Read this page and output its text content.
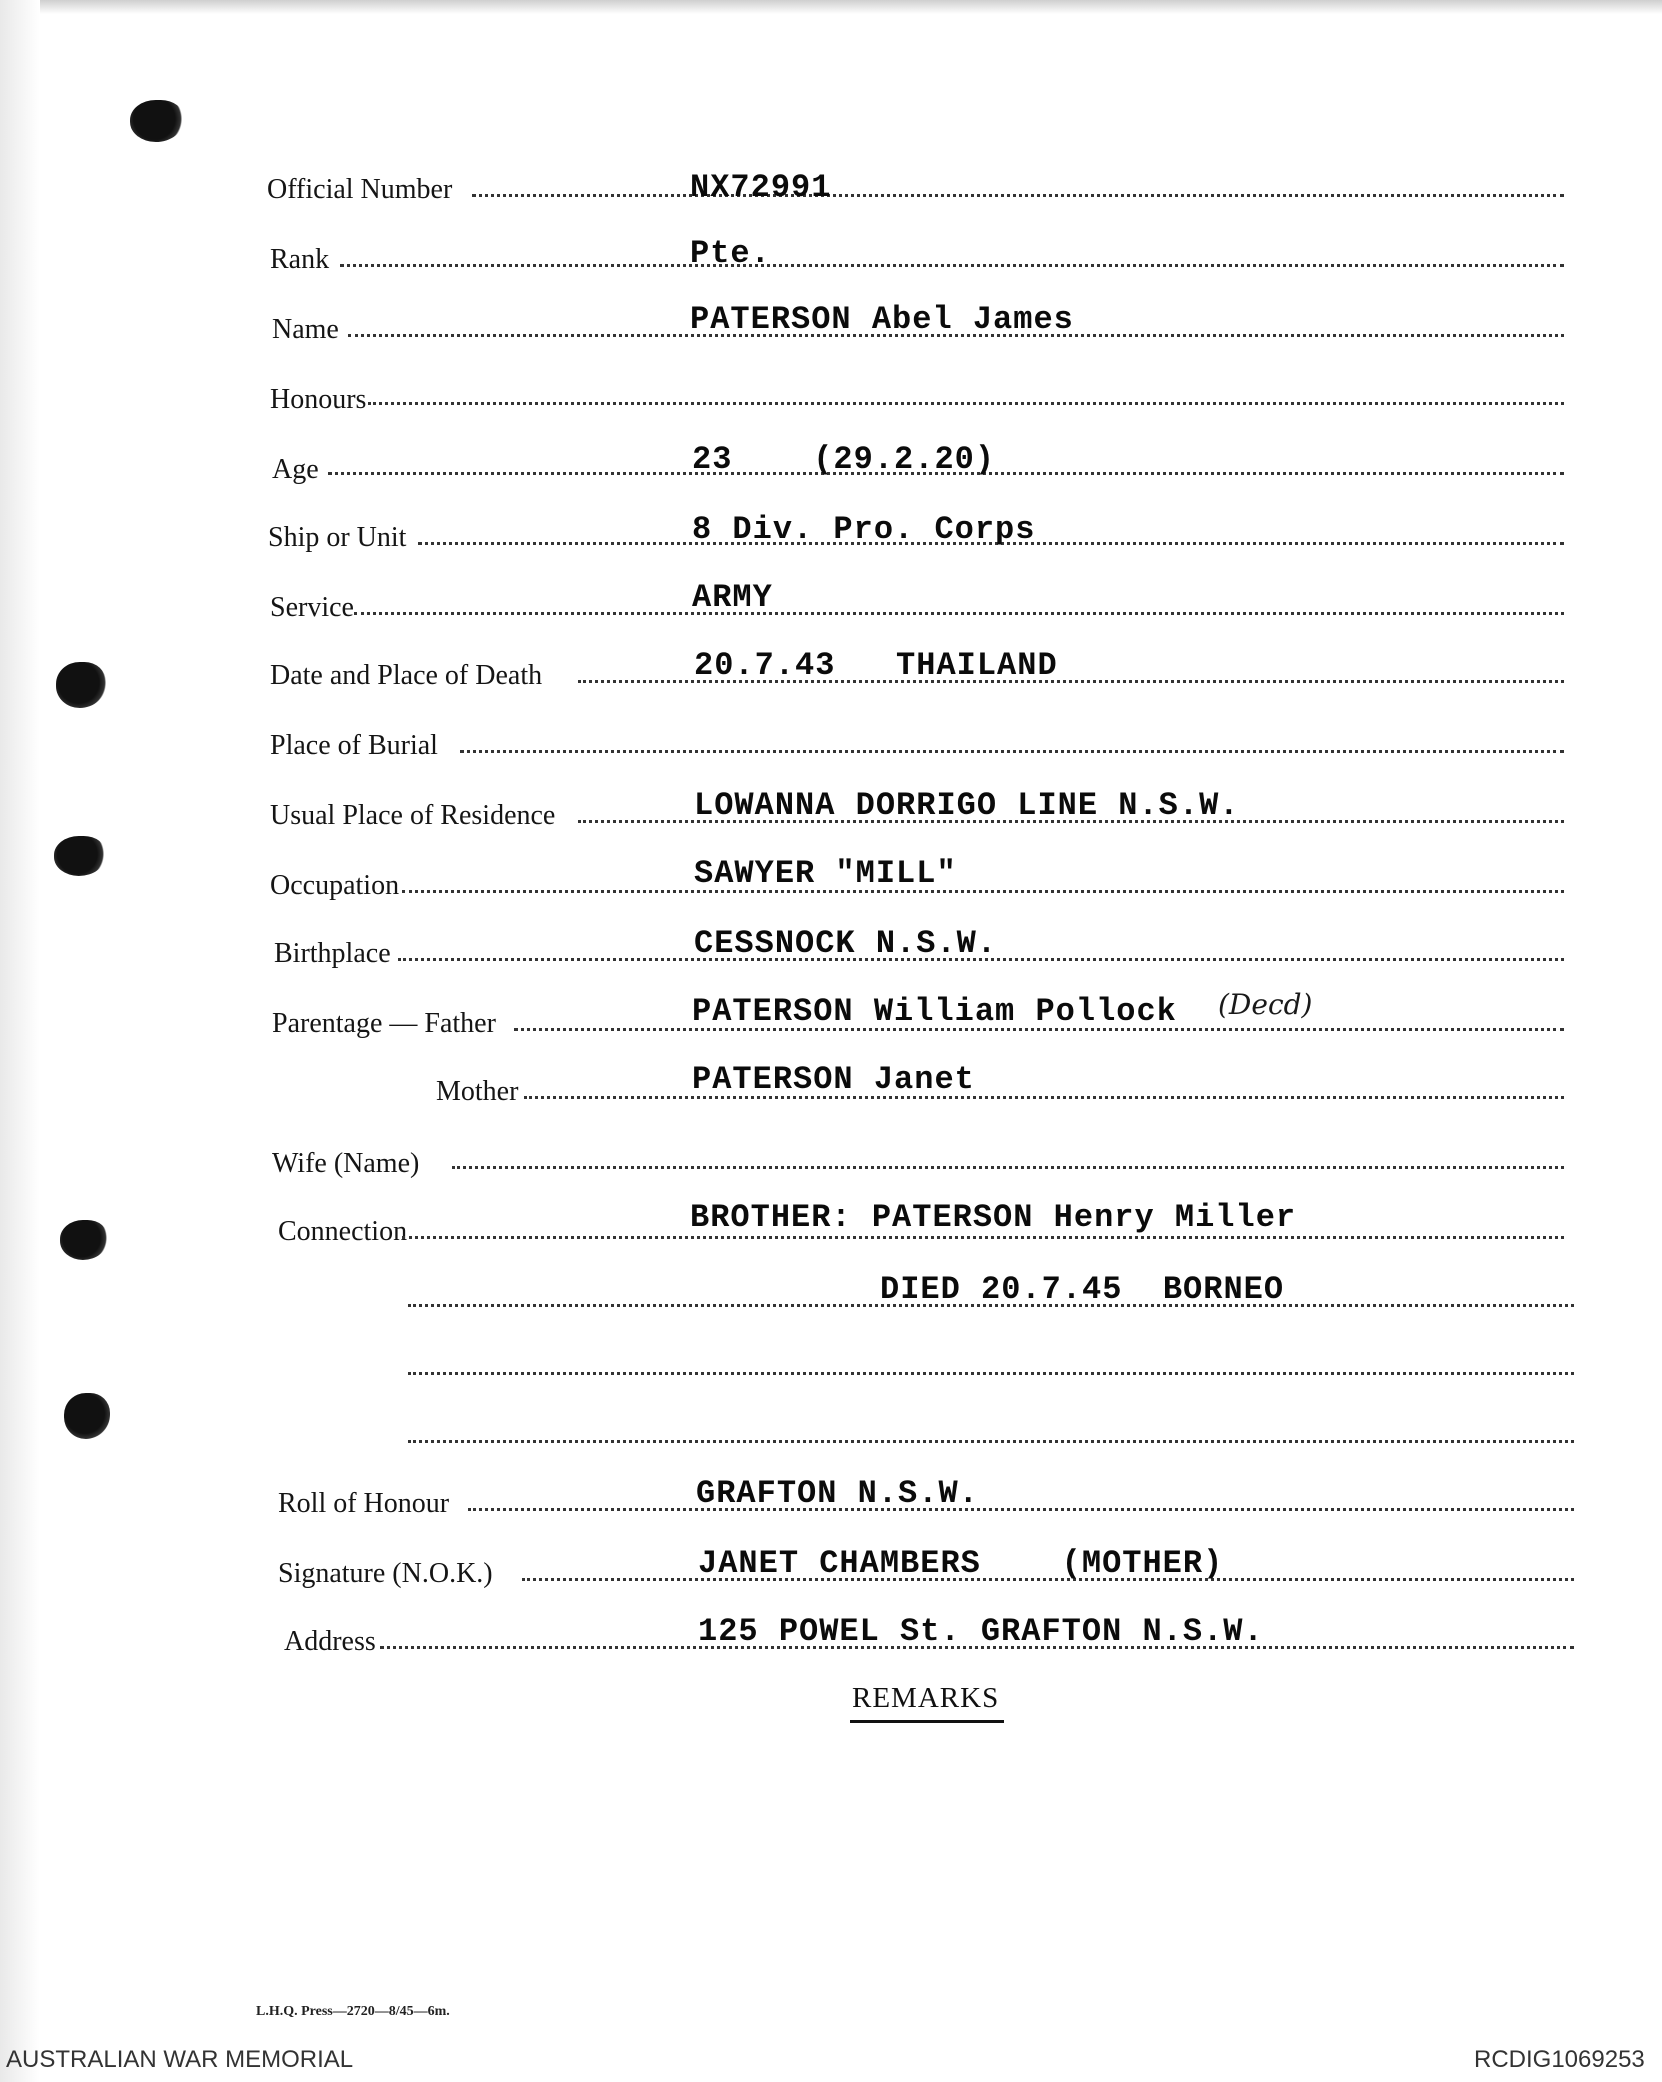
Official Number	NX72991
Rank	Pte.
Name	PATERSON Abel James
Honours
Age	23    (29.2.20)
Ship or Unit	8 Div. Pro. Corps
Service	ARMY
Date and Place of Death	20.7.43   THAILAND
Place of Burial
Usual Place of Residence	LOWANNA DORRIGO LINE N.S.W.
Occupation	SAWYER "MILL"
Birthplace	CESSNOCK N.S.W.
Parentage — Father	PATERSON William Pollock (Decd)
Mother	PATERSON Janet
Wife (Name)
Connection	BROTHER: PATERSON Henry Miller
DIED 20.7.45  BORNEO
Roll of Honour	GRAFTON N.S.W.
Signature (N.O.K.)	JANET CHAMBERS    (MOTHER)
Address	125 POWEL St. GRAFTON N.S.W.
REMARKS
L.H.Q. Press—2720—8/45—6m.
AUSTRALIAN WAR MEMORIAL	RCDIG1069253
